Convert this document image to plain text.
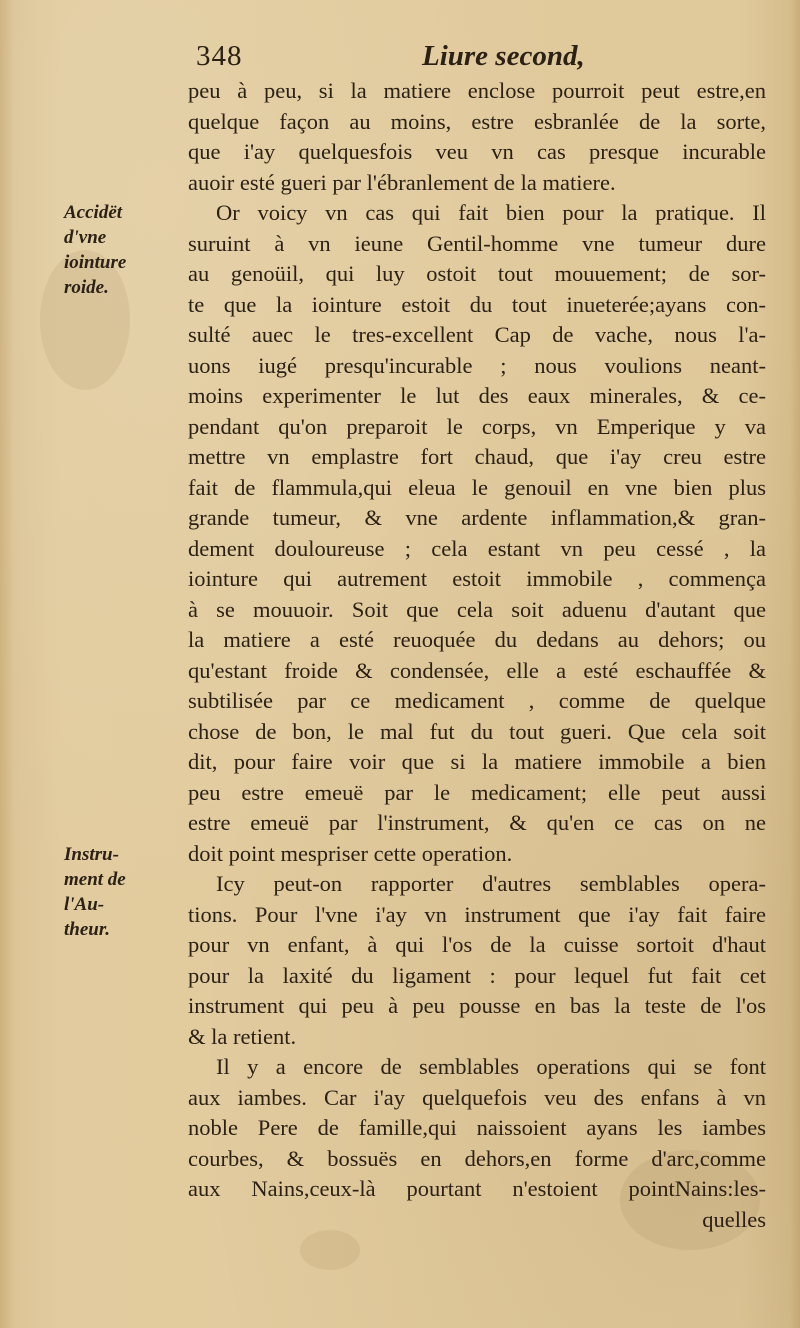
348	Liure second,
Accidët
d'vne
iointure
roide.
Instru-
ment de
l'Au-
theur.
peu à peu, si la matiere enclose pourroit peut estre,en
quelque façon au moins, estre esbranlée de la sorte,
que i'ay quelquesfois veu vn cas presque incurable
auoir esté gueri par l'ébranlement de la matiere.
Or voicy vn cas qui fait bien pour la pratique. Il
suruint à vn ieune Gentil-homme vne tumeur dure
au genoüil, qui luy ostoit tout mouuement; de sor-
te que la iointure estoit du tout inueterée;ayans con-
sulté auec le tres-excellent Cap de vache, nous l'a-
uons iugé presqu'incurable ; nous voulions neant-
moins experimenter le lut des eaux minerales, & ce-
pendant qu'on preparoit le corps, vn Emperique y va
mettre vn emplastre fort chaud, que i'ay creu estre
fait de flammula,qui eleua le genouil en vne bien plus
grande tumeur, & vne ardente inflammation,& gran-
dement douloureuse ; cela estant vn peu cessé , la
iointure qui autrement estoit immobile , commença
à se mouuoir. Soit que cela soit aduenu d'autant que
la matiere a esté reuoquée du dedans au dehors; ou
qu'estant froide & condensée, elle a esté eschauffée &
subtilisée par ce medicament , comme de quelque
chose de bon, le mal fut du tout gueri. Que cela soit
dit, pour faire voir que si la matiere immobile a bien
peu estre emeuë par le medicament; elle peut aussi
estre emeuë par l'instrument, & qu'en ce cas on ne
doit point mespriser cette operation.
Icy peut-on rapporter d'autres semblables opera-
tions. Pour l'vne i'ay vn instrument que i'ay fait faire
pour vn enfant, à qui l'os de la cuisse sortoit d'haut
pour la laxité du ligament : pour lequel fut fait cet
instrument qui peu à peu pousse en bas la teste de l'os
& la retient.
Il y a encore de semblables operations qui se font
aux iambes. Car i'ay quelquefois veu des enfans à vn
noble Pere de famille,qui naissoient ayans les iambes
courbes, & bossuës en dehors,en forme d'arc,comme
aux Nains,ceux-là pourtant n'estoient pointNains:les-
quelles
